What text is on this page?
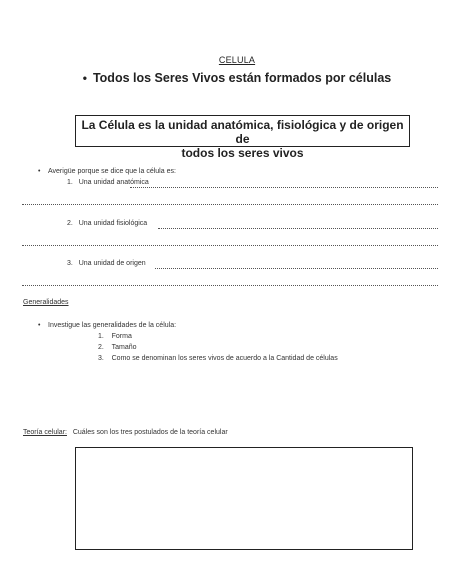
CELULA
• Todos los Seres Vivos están formados por células
La Célula es la unidad anatómica, fisiológica y de origen de
todos los seres vivos
• Averigüe porque se dice que la célula es:
1. Una unidad anatómica
2. Una unidad fisiológica
3. Una unidad de origen
Generalidades
• Investigue las generalidades de la célula:
1. Forma
2. Tamaño
3. Como se denominan los seres vivos de acuerdo a la Cantidad de células
Teoría celular: Cuáles son los tres postulados de la teoría celular
